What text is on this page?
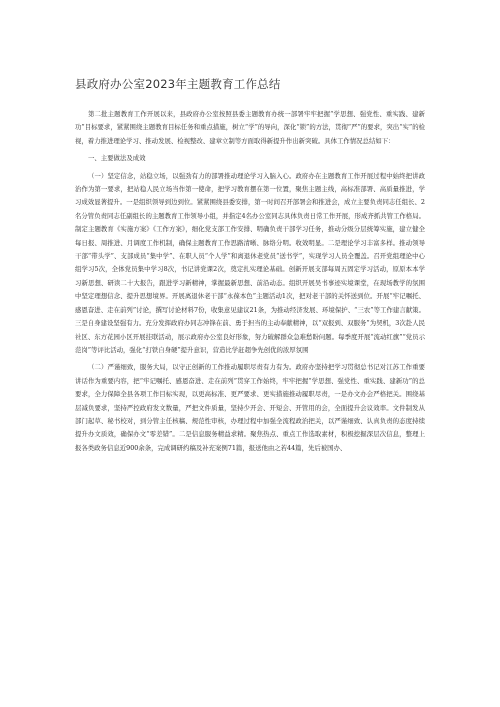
县政府办公室2023年主题教育工作总结
第二批主题教育工作开展以来，县政府办公室按照县委主题教育办统一部署牢牢把握“学思想、强党性、重实践、建新功”目标要求，紧紧围绕主题教育目标任务和重点措施，树立“学”的导向，深化“锁”的方法，贯彻“严”的要求，突出“实”的检视，着力推进理论学习、推动发展、检视整改、建章立制等方面取得新提升作出新突破。具体工作情况总结如下：
一、主要做法及成效
（一）坚定信念，站稳立场，以强劲有力的部署推动理论学习入脑入心。政府办在主题教育工作开展过程中始终把讲政治作为第一要求，把站稳人民立场当作第一使命，把学习教育摆在第一位置，聚焦主题主线，高标准部署、高质量推进，学习成效显著提升。一是组织领导到边到位。紧紧围绕县委安排，第一时间召开部署会和推进会，成立主要负责同志任组长、2名分管负责同志任副组长的主题教育工作领导小组，并指定4名办公室同志具体负责日常工作开展，形成齐抓共管工作格局。制定主题教育《实施方案》《工作方案》，细化党支部工作安排、明确负责干部学习任务，推动分级分层统筹实施，建立健全每日报、周推进、月调度工作机制，确保主题教育工作思路清晰、脉络分明。收效明显。二是理论学习丰富多样。推动领导干部“带头学”、支部成员“集中学”、在职人员“个人学”和离退休老党员“送书学”，实现学习人员全覆盖。召开党组理论中心组学习5次，全体党员集中学习8次，书记讲党课2次，奠定扎实理论基础。创新开展支部每周五固定学习活动，原原本本学习新思想、研读二十大报告，跟进学习新精神，掌握最新思想、前沿动态。组织开展吴书事迹实境课堂，在现场教学的氛围中坚定理想信念、提升思想境界。开展离退休老干部“永葆本色”主题活动1次，把对老干部的关怀送到位。开展“牢记嘱托、感恩奋进、走在前列”讨论，撰写讨论材料7份，收集意见建议21条，为推动经济发展、环境保护、“三农”等工作建言献策。三是自身建设坚强有力。充分发挥政府办同志冲锋在前、勇于担当的主动奉献精神，以“双报到、双服务”为契机，3次赴人民社区、东方花园小区开展挂联活动，展示政府办公室良好形象，努力破解群众急难愁盼问题。每季度开展“流动红旗”“党员示范岗”等评比活动，强化“打铁自身硬”提升意识，营造比学赶超争先创优的浓厚氛围
（二）严谨细致，服务大局，以守正创新的工作推动履职尽责有力有为。政府办坚持把学习贯彻总书记对江苏工作重要讲话作为重要内容，把“牢记嘱托、感恩奋进、走在前列”贯穿工作始终，牢牢把握“学思想、强党性、重实践、建新功”的总要求，全力保障全县各项工作目标实现，以更高标准、更严要求、更实措施推动履职尽责，一是办文办会严格把关。围绕基层减负要求，坚持严控政府发文数量，严把文件质量，坚持少开会、开短会、开管用的会，全面提升会议效率。文件制发从部门起草、秘书校对，到分管主任核稿、规范性审核，办理过程中加强全流程政治把关，以严谨细致、认真负责的态度持续提升办文质效，确保办文“零差错”。二是信息服务精益求精。聚焦热点、重点工作选取素材，积极挖掘深层次信息，整理上报各类政务信息近900余条，完成调研约稿及补充案例71篇，报送他由之若44篇，先后被国办、
